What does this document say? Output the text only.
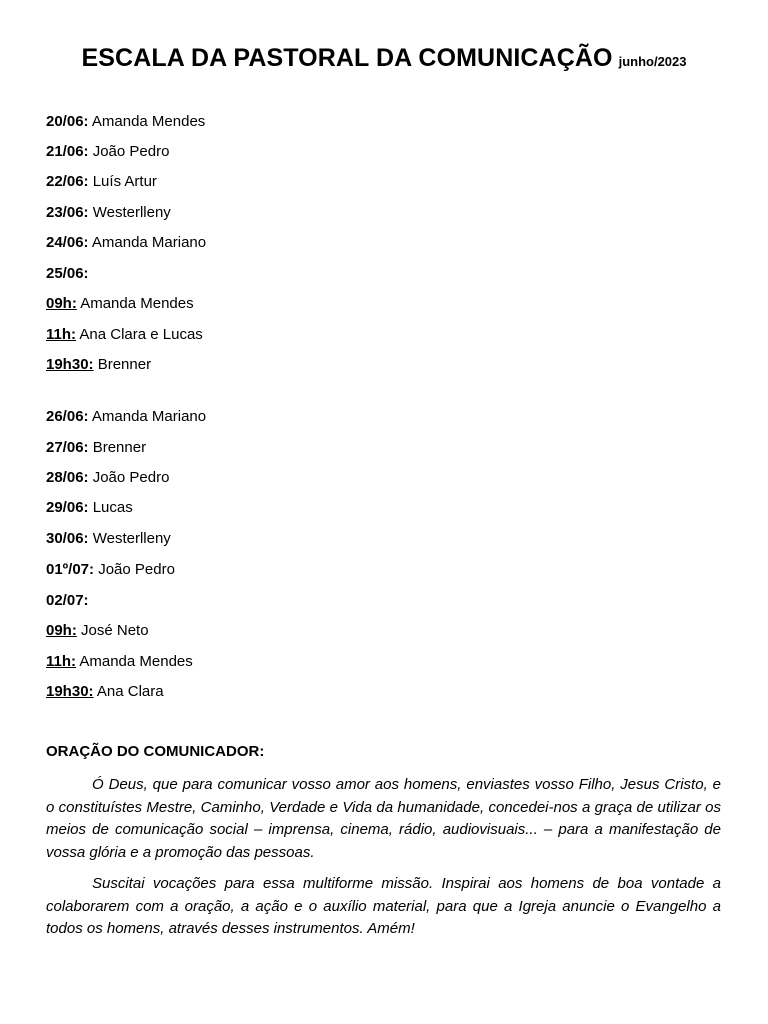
ESCALA DA PASTORAL DA COMUNICAÇÃO junho/2023
20/06: Amanda Mendes
21/06: João Pedro
22/06: Luís Artur
23/06: Westerlleny
24/06: Amanda Mariano
25/06:
09h: Amanda Mendes
11h: Ana Clara e Lucas
19h30: Brenner
26/06: Amanda Mariano
27/06: Brenner
28/06: João Pedro
29/06: Lucas
30/06: Westerlleny
01º/07: João Pedro
02/07:
09h: José Neto
11h: Amanda Mendes
19h30: Ana Clara
ORAÇÃO DO COMUNICADOR:

Ó Deus, que para comunicar vosso amor aos homens, enviastes vosso Filho, Jesus Cristo, e o constituístes Mestre, Caminho, Verdade e Vida da humanidade, concedei-nos a graça de utilizar os meios de comunicação social – imprensa, cinema, rádio, audiovisuais... – para a manifestação de vossa glória e a promoção das pessoas.

Suscitai vocações para essa multiforme missão. Inspirai aos homens de boa vontade a colaborarem com a oração, a ação e o auxílio material, para que a Igreja anuncie o Evangelho a todos os homens, através desses instrumentos. Amém!
